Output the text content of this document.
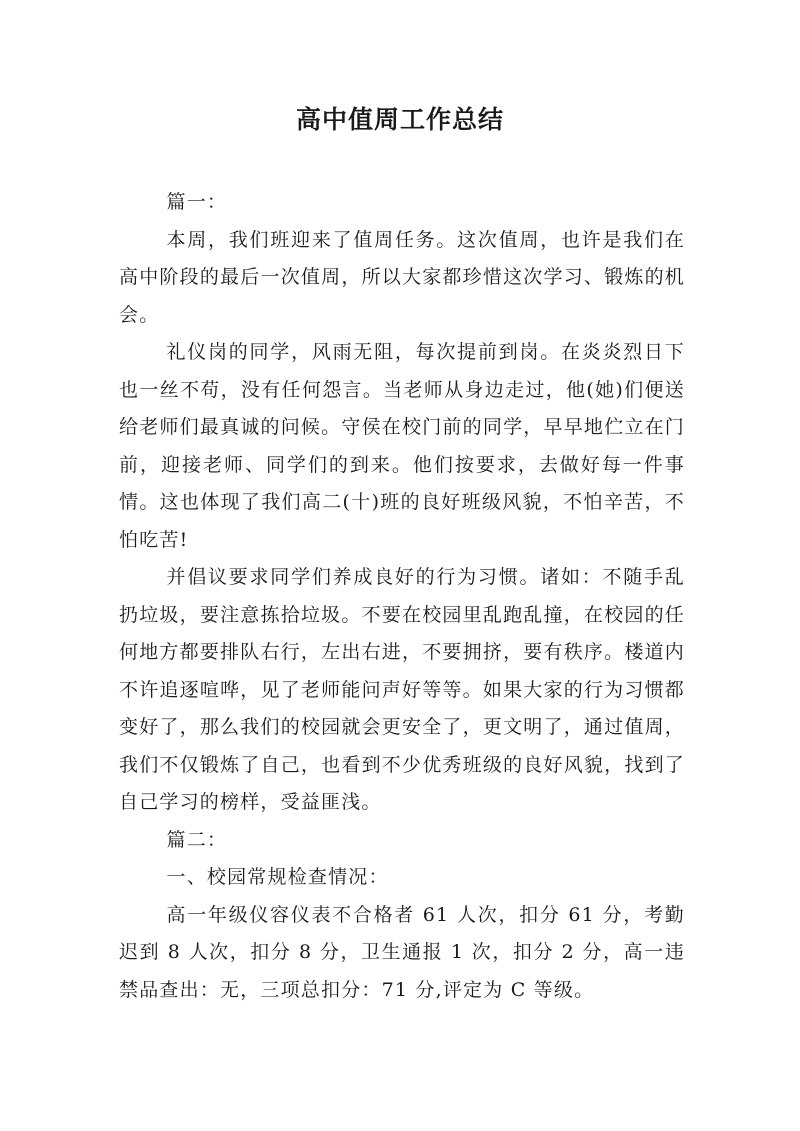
高中值周工作总结

篇一：

本周，我们班迎来了值周任务。这次值周，也许是我们在高中阶段的最后一次值周，所以大家都珍惜这次学习、锻炼的机会。

礼仪岗的同学，风雨无阻，每次提前到岗。在炎炎烈日下也一丝不苟，没有任何怨言。当老师从身边走过，他(她)们便送给老师们最真诚的问候。守侯在校门前的同学，早早地伫立在门前，迎接老师、同学们的到来。他们按要求，去做好每一件事情。这也体现了我们高二(十)班的良好班级风貌，不怕辛苦，不怕吃苦!

并倡议要求同学们养成良好的行为习惯。诸如：不随手乱扔垃圾，要注意拣拾垃圾。不要在校园里乱跑乱撞，在校园的任何地方都要排队右行，左出右进，不要拥挤，要有秩序。楼道内不许追逐喧哗，见了老师能问声好等等。如果大家的行为习惯都变好了，那么我们的校园就会更安全了，更文明了，通过值周，我们不仅锻炼了自己，也看到不少优秀班级的良好风貌，找到了自己学习的榜样，受益匪浅。

篇二：

一、校园常规检查情况：

高一年级仪容仪表不合格者 61 人次，扣分 61 分，考勤迟到 8 人次，扣分 8 分，卫生通报 1 次，扣分 2 分，高一违禁品查出：无，三项总扣分：71 分,评定为 C 等级。
